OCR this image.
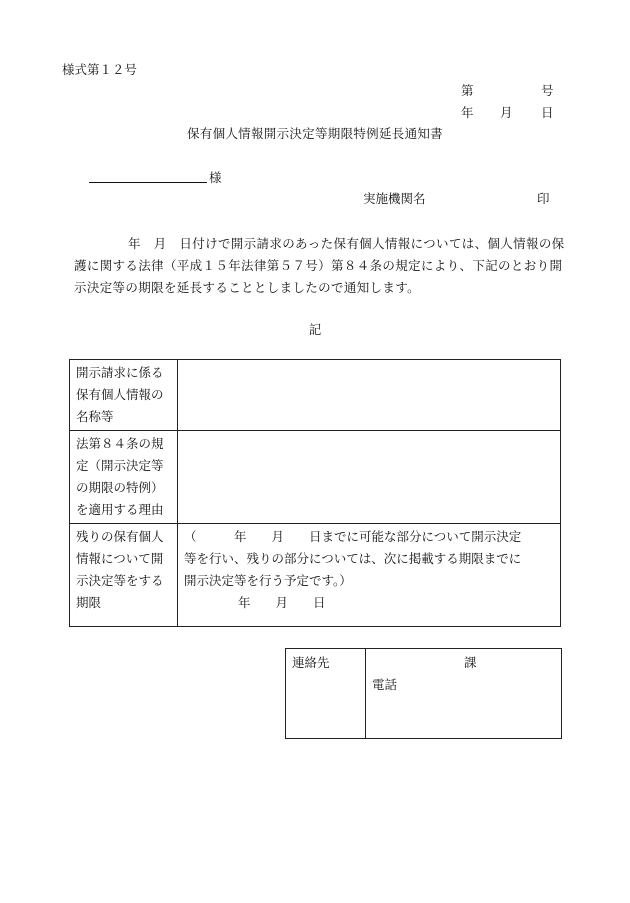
様式第１２号
第	号
年 月 日
保有個人情報開示決定等期限特例延長通知書
様
実施機関名	印
年　月　日付けで開示請求のあった保有個人情報については、個人情報の保護に関する法律（平成１５年法律第５７号）第８４条の規定により、下記のとおり開示決定等の期限を延長することとしましたので通知します。
記
開示請求に係る保有個人情報の名称等	
法第８４条の規定（開示決定等の期限の特例）を適用する理由	
残りの保有個人情報について開示決定等をする期限	（　　　年　　月　　日までに可能な部分について開示決定
等を行い、残りの部分については、次に掲載する期限までに
開示決定等を行う予定です。）
年　　月　　日
連絡先	課
電話
